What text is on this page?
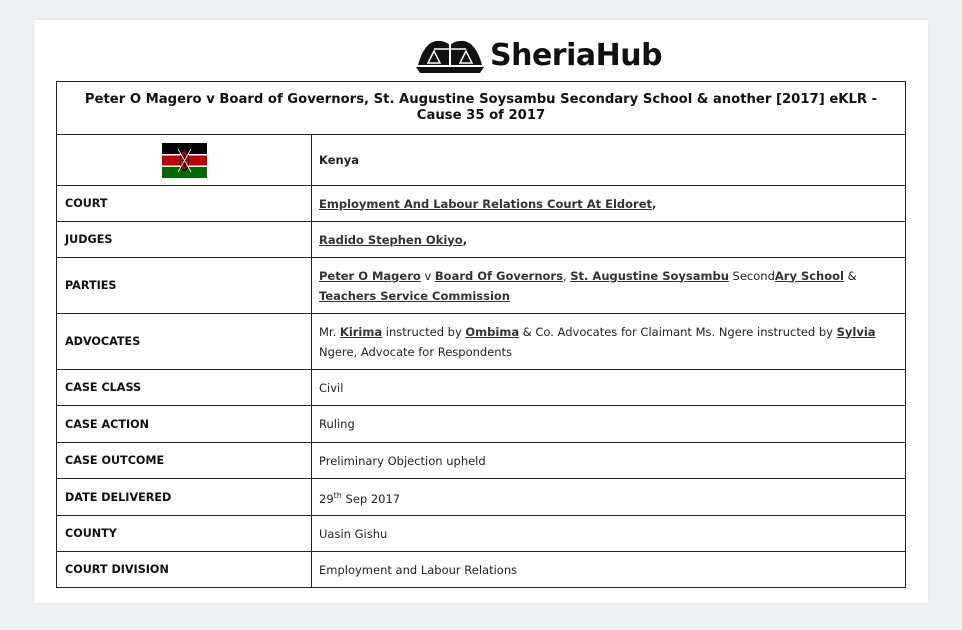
SheriaHub
Peter O Magero v Board of Governors, St. Augustine Soysambu Secondary School & another [2017] eKLR - Cause 35 of 2017	
	Kenya
COURT	Employment And Labour Relations Court At Eldoret,
JUDGES	Radido Stephen Okiyo,
PARTIES	Peter O Magero v Board Of Governors, St. Augustine Soysambu SecondAry School &
Teachers Service Commission
ADVOCATES	Mr. Kirima instructed by Ombima & Co. Advocates for Claimant Ms. Ngere instructed by Sylvia
Ngere, Advocate for Respondents
CASE CLASS	Civil
CASE ACTION	Ruling
CASE OUTCOME	Preliminary Objection upheld
DATE DELIVERED	29th Sep 2017
COUNTY	Uasin Gishu
COURT DIVISION	Employment and Labour Relations
